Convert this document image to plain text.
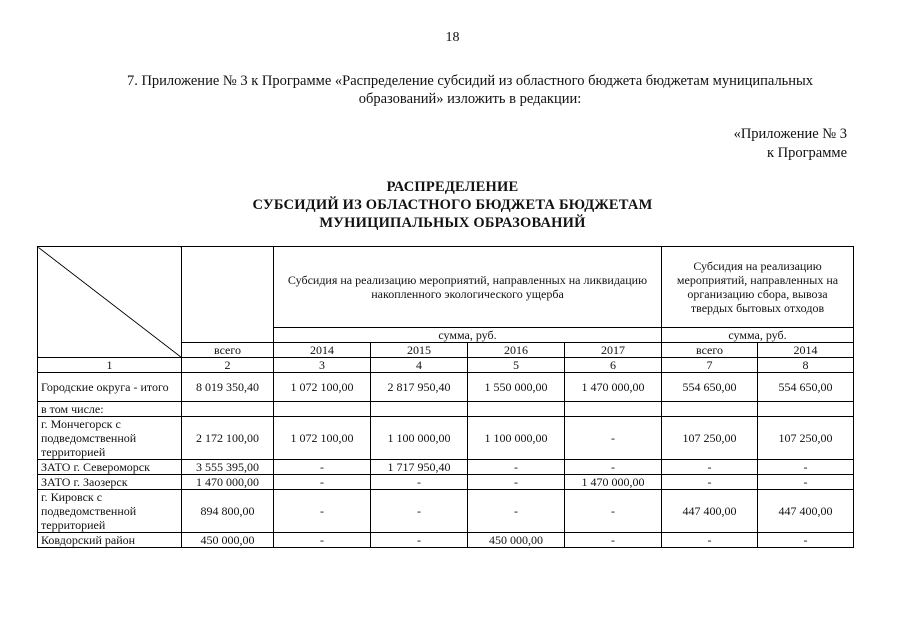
18
7. Приложение № 3 к Программе «Распределение субсидий из областного бюджета бюджетам муниципальных образований» изложить в редакции:
«Приложение № 3
к Программе
РАСПРЕДЕЛЕНИЕ
СУБСИДИЙ ИЗ ОБЛАСТНОГО БЮДЖЕТА БЮДЖЕТАМ
МУНИЦИПАЛЬНЫХ ОБРАЗОВАНИЙ
		Субсидия на реализацию мероприятий, направленных на ликвидацию накопленного экологического ущерба				Субсидия на реализацию мероприятий, направленных на организацию сбора, вывоза твердых бытовых отходов	
		сумма, руб.				сумма, руб.	
	всего	2014	2015	2016	2017	всего	2014
1	2	3	4	5	6	7	8
Городские округа - итого	8 019 350,40	1 072 100,00	2 817 950,40	1 550 000,00	1 470 000,00	554 650,00	554 650,00
в том числе:							
г. Мончегорск с подведомственной территорией	2 172 100,00	1 072 100,00	1 100 000,00	1 100 000,00	-	107 250,00	107 250,00
ЗАТО г. Североморск	3 555 395,00	-	1 717 950,40	-	-	-	-
ЗАТО г. Заозерск	1 470 000,00	-	-	-	1 470 000,00	-	-
г. Кировск с подведомственной территорией	894 800,00	-	-	-	-	447 400,00	447 400,00
Ковдорский район	450 000,00	-	-	450 000,00	-	-	-
